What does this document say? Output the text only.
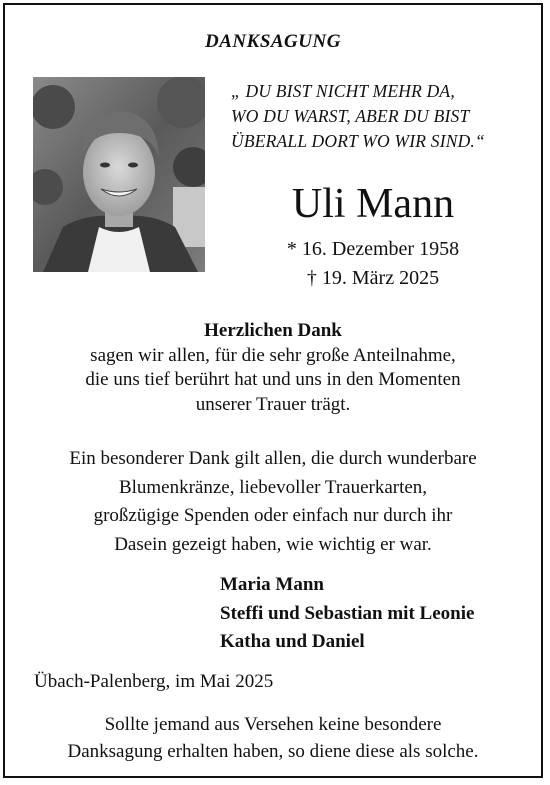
DANKSAGUNG
„ DU BIST NICHT MEHR DA,
WO DU WARST, ABER DU BIST
ÜBERALL DORT WO WIR SIND.“
Uli Mann
* 16. Dezember 1958
† 19. März 2025
Herzlichen Dank
sagen wir allen, für die sehr große Anteilnahme,
die uns tief berührt hat und uns in den Momenten
unserer Trauer trägt.
Ein besonderer Dank gilt allen, die durch wunderbare
Blumenkränze, liebevoller Trauerkarten,
großzügige Spenden oder einfach nur durch ihr
Dasein gezeigt haben, wie wichtig er war.
Maria Mann
Steffi und Sebastian mit Leonie
Katha und Daniel
Übach-Palenberg, im Mai 2025
Sollte jemand aus Versehen keine besondere
Danksagung erhalten haben, so diene diese als solche.
